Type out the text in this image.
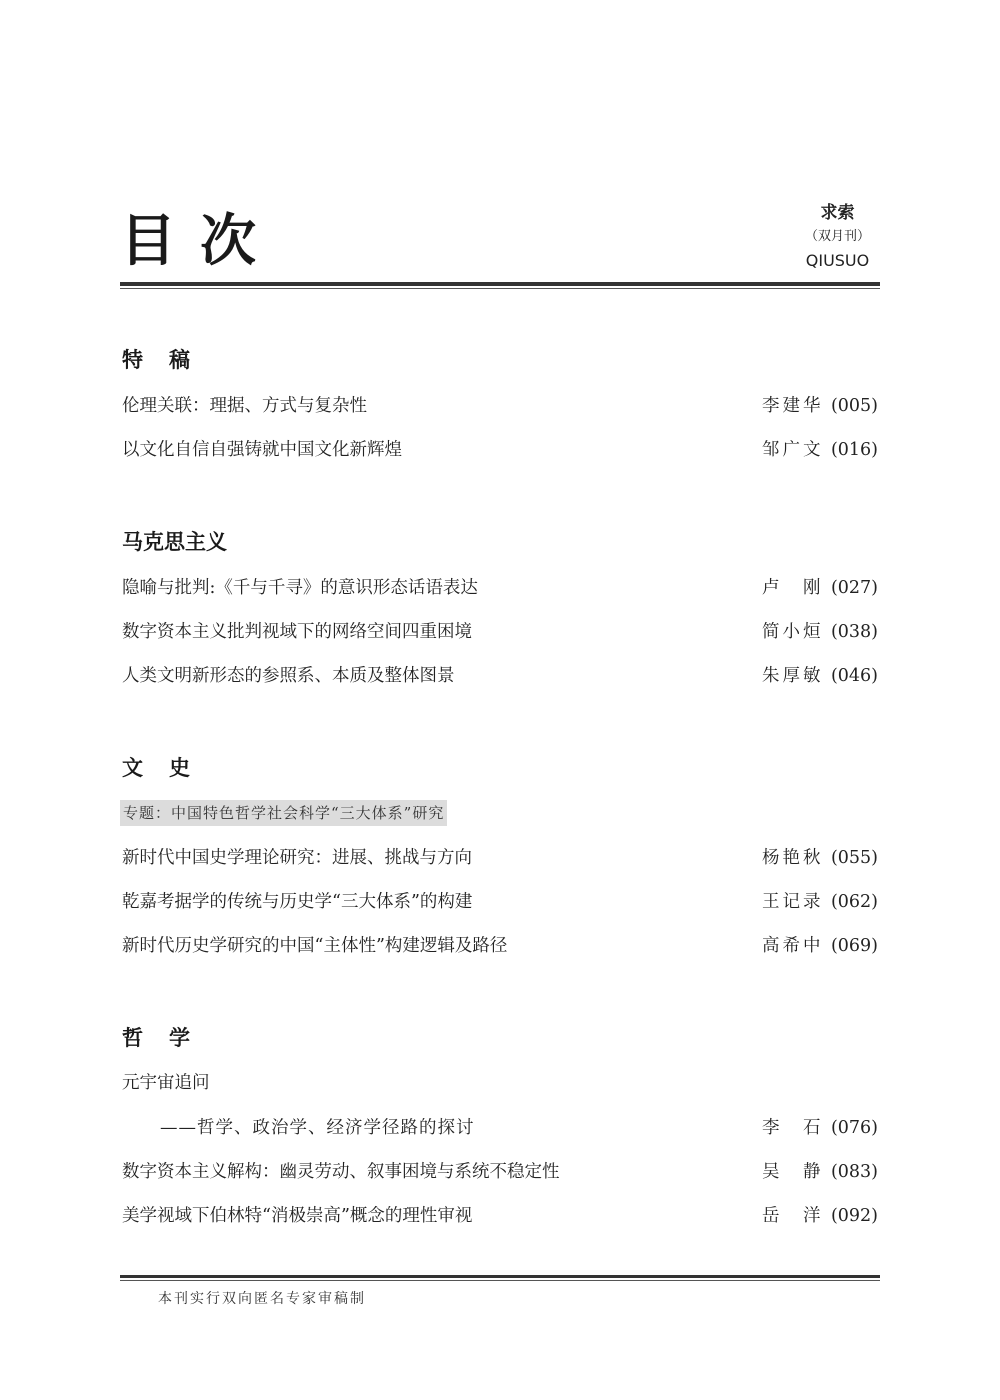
目次	求索
（双月刊）
QIUSUO
特稿
伦理关联：理据、方式与复杂性	李建华 (005)
以文化自信自强铸就中国文化新辉煌	邹广文 (016)
马克思主义
隐喻与批判:《千与千寻》的意识形态话语表达	卢　刚 (027)
数字资本主义批判视域下的网络空间四重困境	简小烜 (038)
人类文明新形态的参照系、本质及整体图景	朱厚敏 (046)
文史
专题：中国特色哲学社会科学“三大体系”研究
新时代中国史学理论研究：进展、挑战与方向	杨艳秋 (055)
乾嘉考据学的传统与历史学“三大体系”的构建	王记录 (062)
新时代历史学研究的中国“主体性”构建逻辑及路径	高希中 (069)
哲学
元宇宙追问
——哲学、政治学、经济学径路的探讨	李　石 (076)
数字资本主义解构：幽灵劳动、叙事困境与系统不稳定性	吴　静 (083)
美学视域下伯林特“消极崇高”概念的理性审视	岳　洋 (092)
本刊实行双向匿名专家审稿制
